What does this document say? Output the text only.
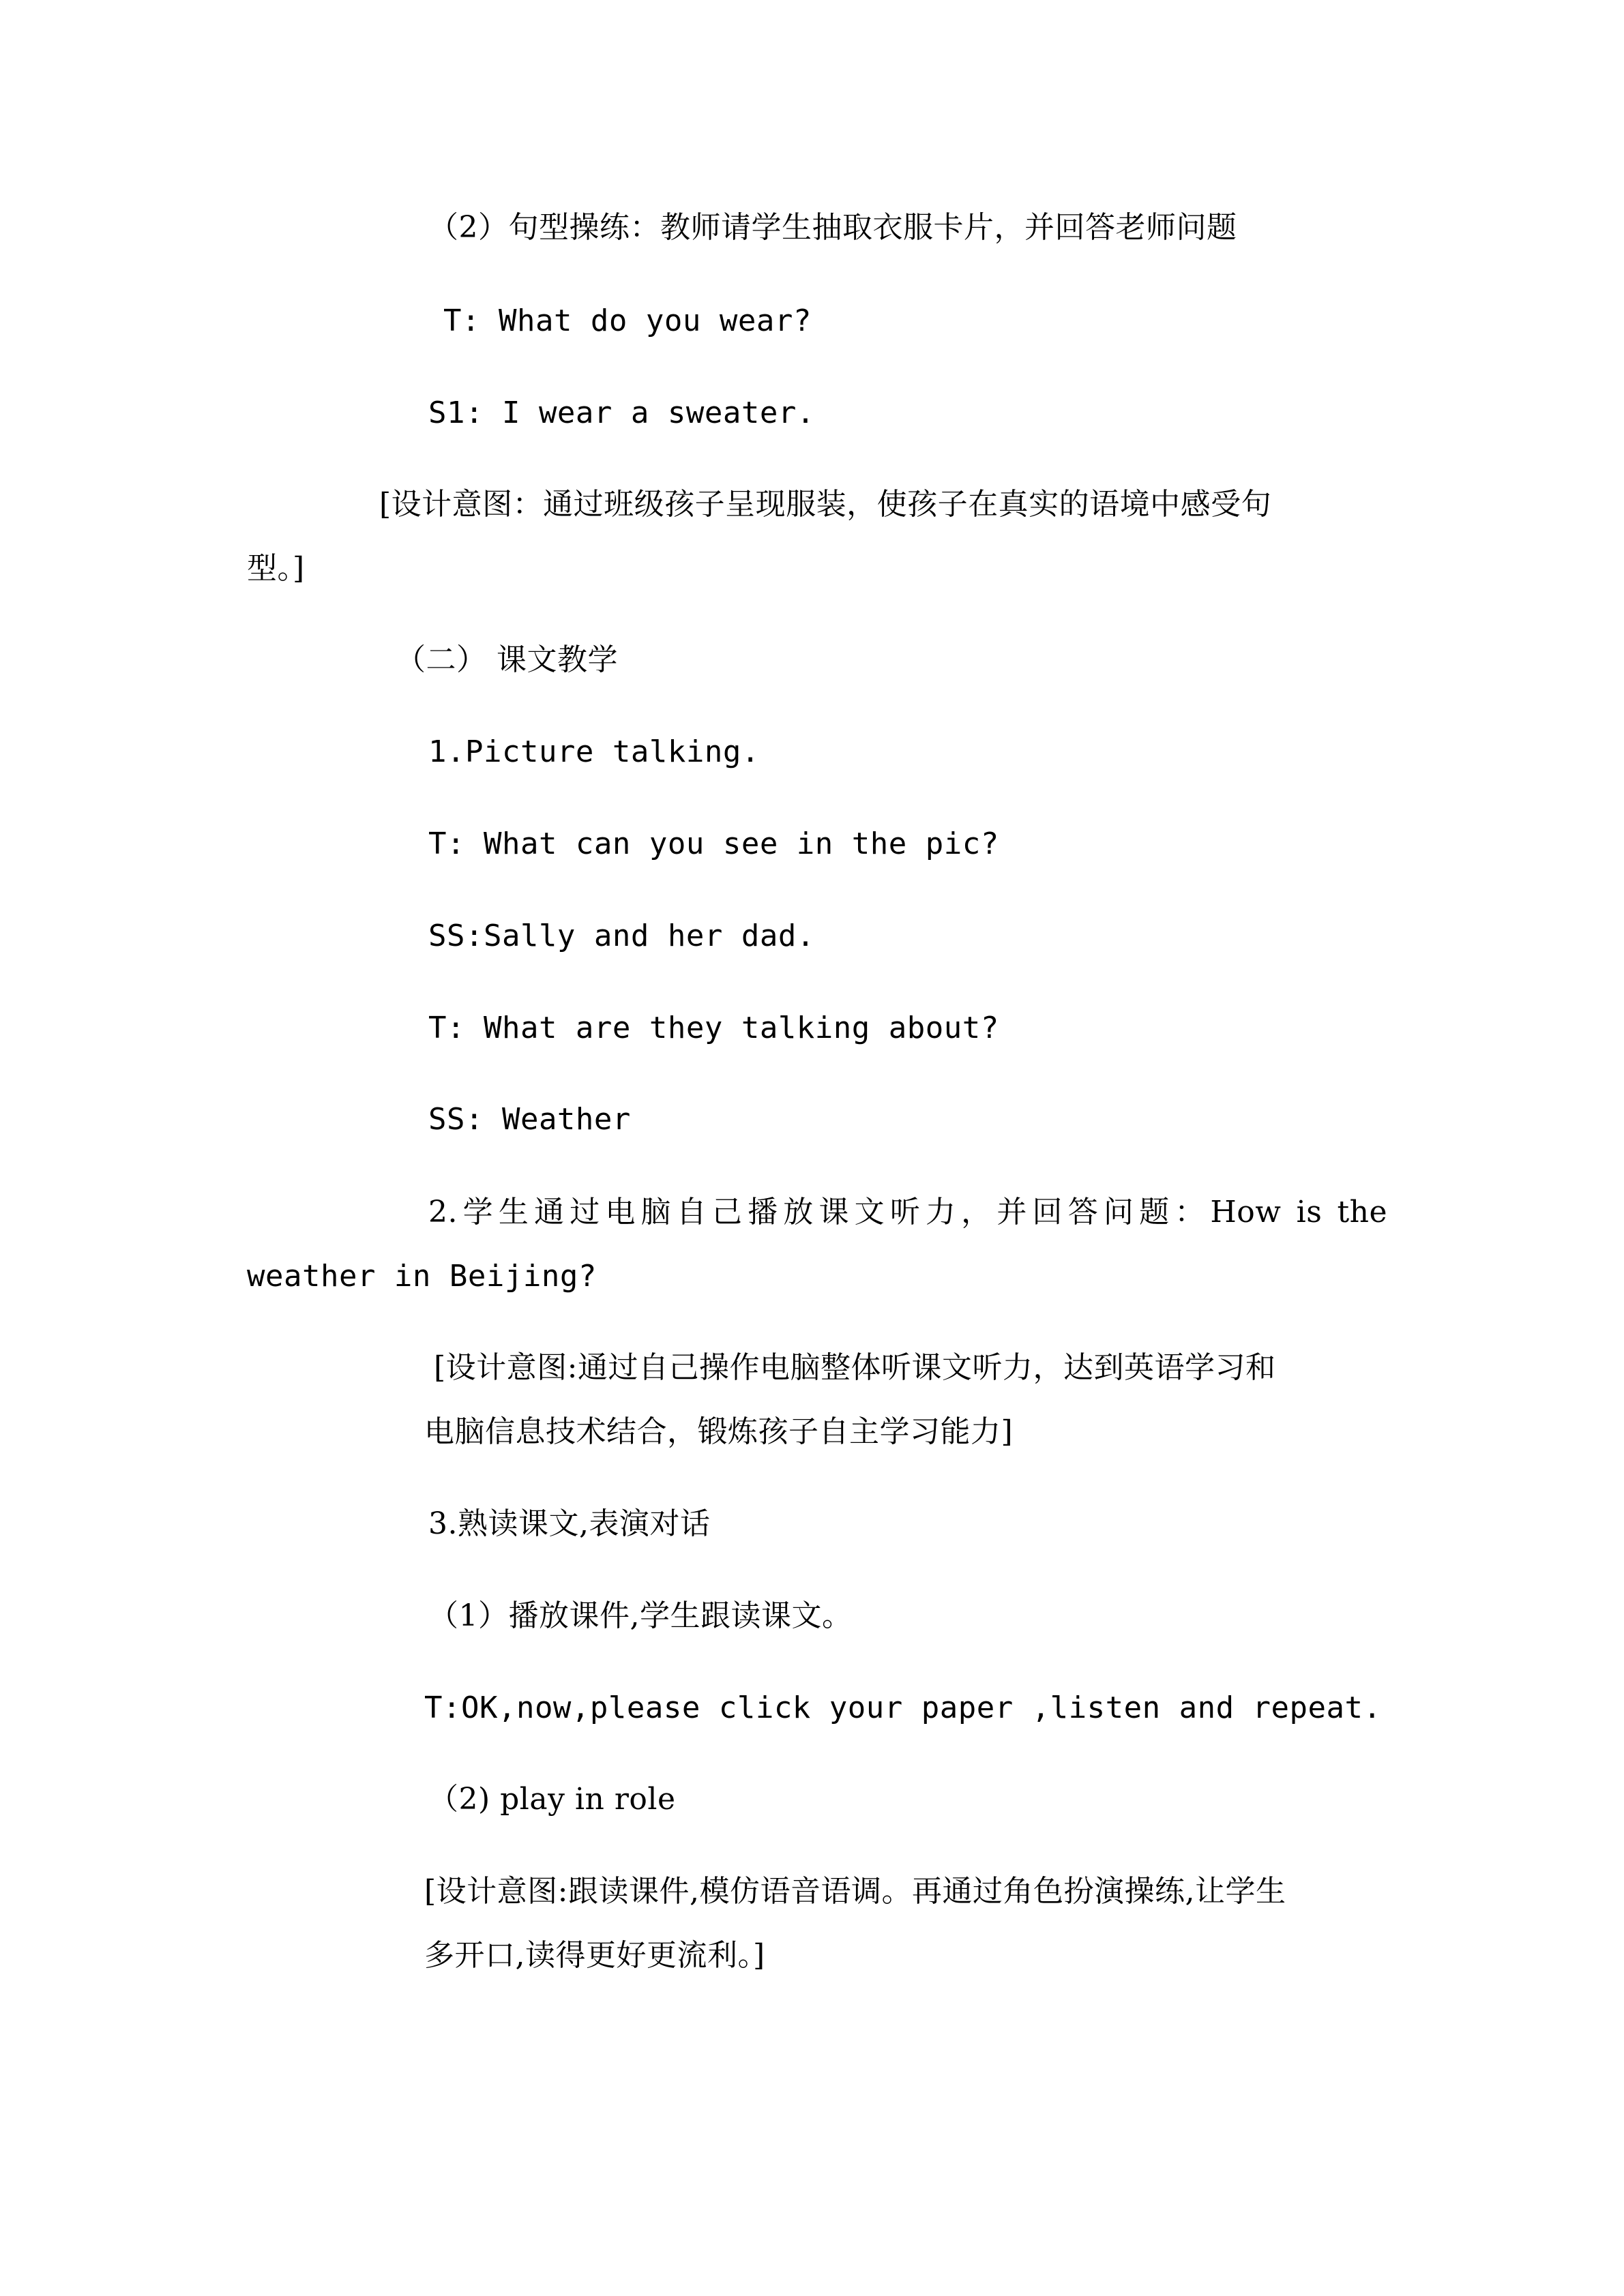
（2）句型操练：教师请学生抽取衣服卡片，并回答老师问题
T: What do you wear?
S1: I wear a sweater.
[设计意图：通过班级孩子呈现服装，使孩子在真实的语境中感受句
型。]
（二） 课文教学
1.Picture talking.
T: What can you see in the pic?
SS:Sally and her dad.
T: What are they talking about?
SS: Weather
2.学生通过电脑自己播放课文听力，并回答问题：How is the
weather in Beijing?
[设计意图:通过自己操作电脑整体听课文听力，达到英语学习和
电脑信息技术结合，锻炼孩子自主学习能力]
3.熟读课文,表演对话
（1）播放课件,学生跟读课文。
T:OK,now,please click your paper ,listen and repeat.
（2) play in role
[设计意图:跟读课件,模仿语音语调。再通过角色扮演操练,让学生
多开口,读得更好更流利。]
